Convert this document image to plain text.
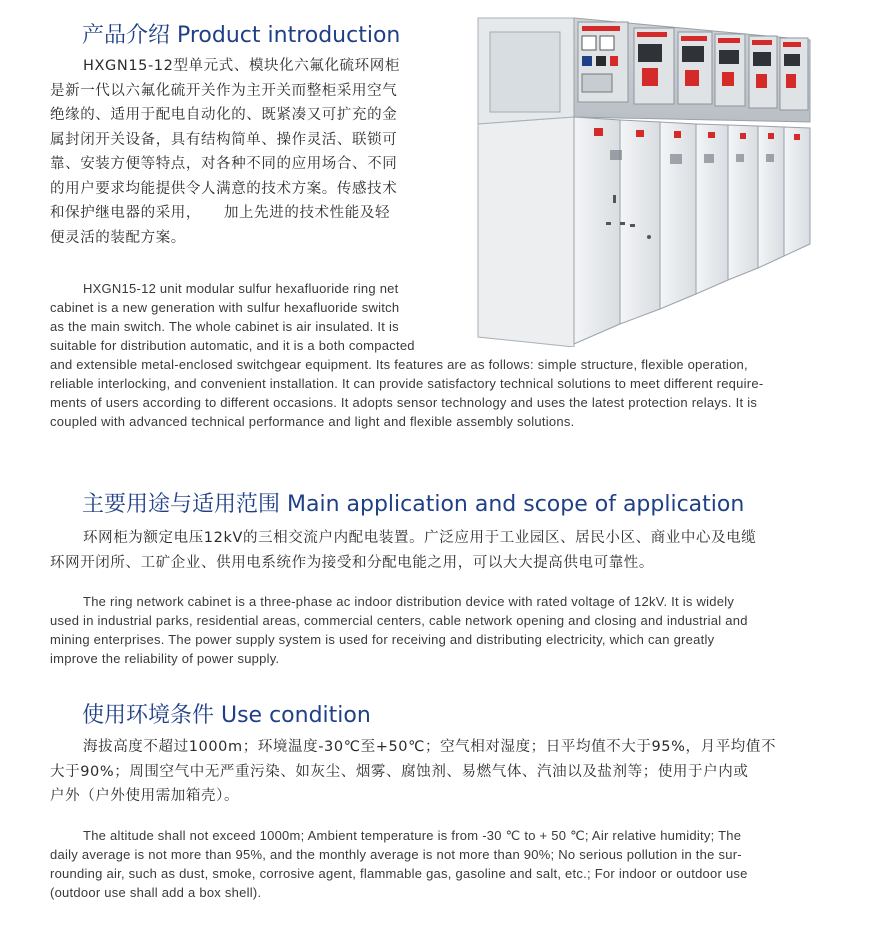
产品介绍 Product introduction
HXGN15-12型单元式、模块化六氟化硫环网柜
是新一代以六氟化硫开关作为主开关而整柜采用空气
绝缘的、适用于配电自动化的、既紧凑又可扩充的金
属封闭开关设备，具有结构简单、操作灵活、联锁可
靠、安装方便等特点，对各种不同的应用场合、不同
的用户要求均能提供令人满意的技术方案。传感技术
和保护继电器的采用，　　加上先进的技术性能及轻
便灵活的装配方案。
HXGN15-12 unit modular sulfur hexafluoride ring net
cabinet is a new generation with sulfur hexafluoride switch
as the main switch. The whole cabinet is air insulated. It is
suitable for distribution automatic, and it is a both compacted
and extensible metal-enclosed switchgear equipment. Its features are as follows: simple structure, flexible operation,
reliable interlocking, and convenient installation. It can provide satisfactory technical solutions to meet different require-
ments of users according to different occasions. It adopts sensor technology and uses the latest protection relays. It is
coupled with advanced technical performance and light and flexible assembly solutions.
主要用途与适用范围 Main application and scope of application
环网柜为额定电压12kV的三相交流户内配电装置。广泛应用于工业园区、居民小区、商业中心及电缆
环网开闭所、工矿企业、供用电系统作为接受和分配电能之用，可以大大提高供电可靠性。
The ring network cabinet is a three-phase ac indoor distribution device with rated voltage of 12kV. It is widely
used in industrial parks, residential areas, commercial centers, cable network opening and closing and industrial and
mining enterprises. The power supply system is used for receiving and distributing electricity, which can greatly
improve the reliability of power supply.
使用环境条件 Use condition
海拔高度不超过1000m；环境温度-30℃至+50℃；空气相对湿度；日平均值不大于95%，月平均值不
大于90%；周围空气中无严重污染、如灰尘、烟雾、腐蚀剂、易燃气体、汽油以及盐剂等；使用于户内或
户外（户外使用需加箱壳）。
The altitude shall not exceed 1000m; Ambient temperature is from -30 ℃ to + 50 ℃; Air relative humidity; The
daily average is not more than 95%, and the monthly average is not more than 90%; No serious pollution in the sur-
rounding air, such as dust, smoke, corrosive agent, flammable gas, gasoline and salt, etc.; For indoor or outdoor use
(outdoor use shall add a box shell).
